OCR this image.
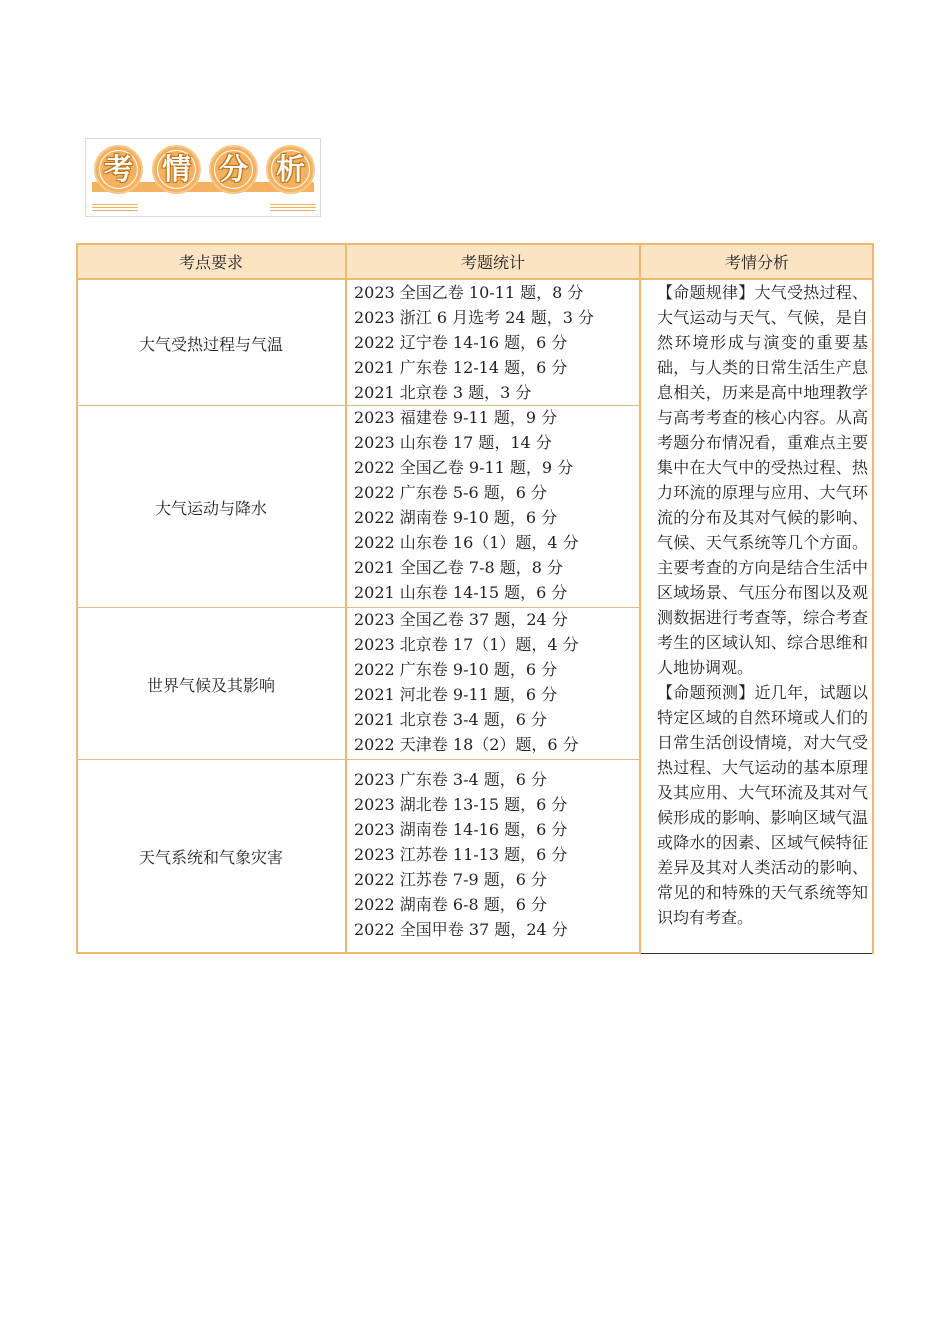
考 情 分 析
考点要求	考题统计	考情分析
大气受热过程与气温
2023 全国乙卷 10-11 题，8 分
2023 浙江 6 月选考 24 题，3 分
2022 辽宁卷 14-16 题，6 分
2021 广东卷 12-14 题，6 分
2021 北京卷 3 题，3 分
大气运动与降水
2023 福建卷 9-11 题，9 分
2023 山东卷 17 题，14 分
2022 全国乙卷 9-11 题，9 分
2022 广东卷 5-6 题，6 分
2022 湖南卷 9-10 题，6 分
2022 山东卷 16（1）题，4 分
2021 全国乙卷 7-8 题，8 分
2021 山东卷 14-15 题，6 分
世界气候及其影响
2023 全国乙卷 37 题，24 分
2023 北京卷 17（1）题，4 分
2022 广东卷 9-10 题，6 分
2021 河北卷 9-11 题，6 分
2021 北京卷 3-4 题，6 分
2022 天津卷 18（2）题，6 分
天气系统和气象灾害
2023 广东卷 3-4 题，6 分
2023 湖北卷 13-15 题，6 分
2023 湖南卷 14-16 题，6 分
2023 江苏卷 11-13 题，6 分
2022 江苏卷 7-9 题，6 分
2022 湖南卷 6-8 题，6 分
2022 全国甲卷 37 题，24 分

【命题规律】大气受热过程、大气运动与天气、气候，是自然环境形成与演变的重要基础，与人类的日常生活生产息息相关，历来是高中地理教学与高考考查的核心内容。从高考题分布情况看，重难点主要集中在大气中的受热过程、热力环流的原理与应用、大气环流的分布及其对气候的影响、气候、天气系统等几个方面。主要考查的方向是结合生活中区域场景、气压分布图以及观测数据进行考查等，综合考查考生的区域认知、综合思维和人地协调观。

【命题预测】近几年，试题以特定区域的自然环境或人们的日常生活创设情境，对大气受热过程、大气运动的基本原理及其应用、大气环流及其对气候形成的影响、影响区域气温或降水的因素、区域气候特征差异及其对人类活动的影响、常见的和特殊的天气系统等知识均有考查。
